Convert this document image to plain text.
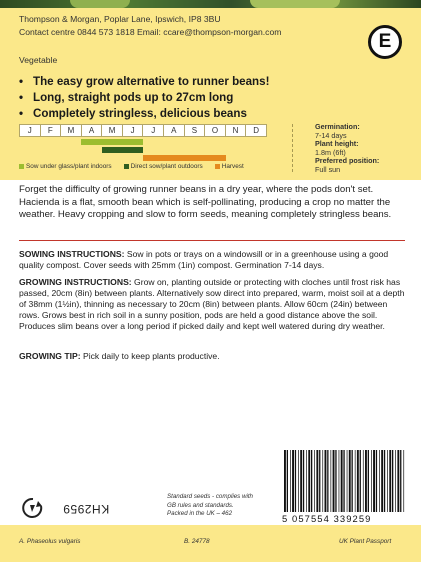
Thompson & Morgan, Poplar Lane, Ipswich, IP8 3BU
Contact centre 0844 573 1818 Email: ccare@thompson-morgan.com
Vegetable
E
• The easy grow alternative to runner beans!
• Long, straight pods up to 27cm long
• Completely stringless, delicious beans
J	F	M	A	M	J	J	A	S	O	N	D
Sow under glass/plant indoors	Direct sow/plant outdoors	Harvest
Germination:
7-14 days
Plant height:
1.8m (6ft)
Preferred position:
Full sun

Forget the difficulty of growing runner beans in a dry year, where the pods don't set. Hacienda is a flat, smooth bean which is self-pollinating, producing a crop no matter the weather. Heavy cropping and slow to form seeds, meaning completely stringless beans.

SOWING INSTRUCTIONS: Sow in pots or trays on a windowsill or in a greenhouse using a good quality compost. Cover seeds with 25mm (1in) compost. Germination 7-14 days.

GROWING INSTRUCTIONS: Grow on, planting outside or protecting with cloches until frost risk has passed, 20cm (8in) between plants. Alternatively sow direct into prepared, warm, moist soil at a depth of 38mm (1½in), thinning as necessary to 20cm (8in) between plants. Allow 60cm (24in) between rows. Grows best in rich soil in a sunny position, pods are held a good distance above the soil. Produces slim beans over a long period if picked daily and kept well watered during dry weather.

GROWING TIP: Pick daily to keep plants productive.

KH2959

Standard seeds - complies with
GB rules and standards.
Packed in the UK – 462	5 057554 339259
A. Phaseolus vulgaris	B. 24778	UK Plant Passport
